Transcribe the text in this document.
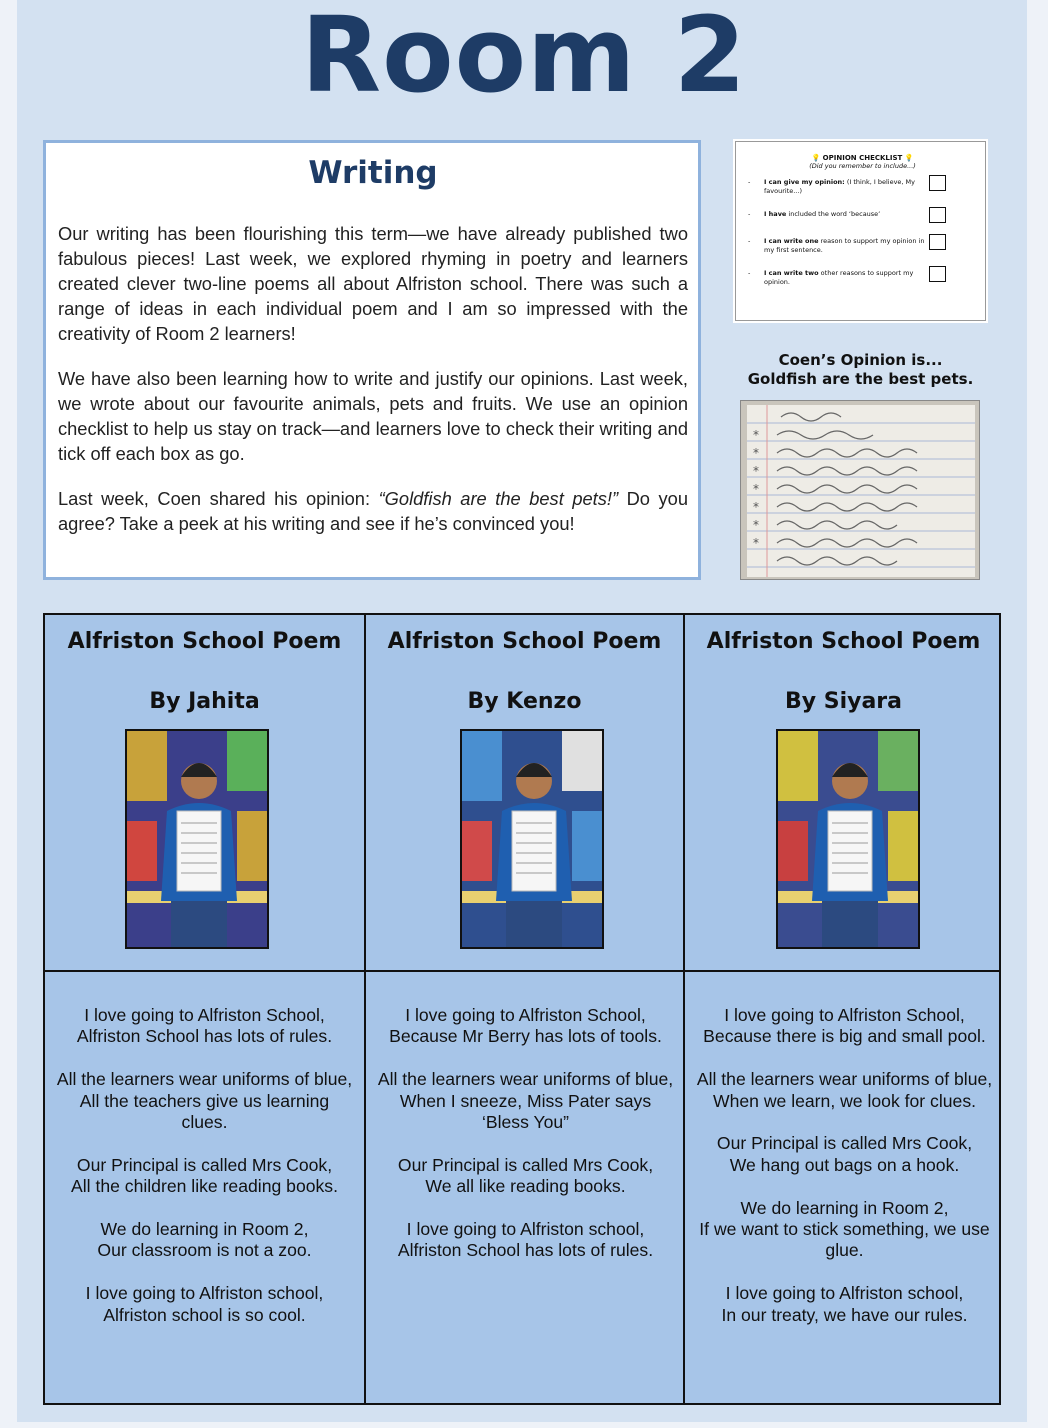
Room 2
Writing

Our writing has been flourishing this term—we have already published two fabulous pieces! Last week, we explored rhyming in poetry and learners created clever two-line poems all about Alfriston school. There was such a range of ideas in each individual poem and I am so impressed with the creativity of Room 2 learners!

We have also been learning how to write and justify our opinions. Last week, we wrote about our favourite animals, pets and fruits. We use an opinion checklist to help us stay on track—and learners love to check their writing and tick off each box as go.

Last week, Coen shared his opinion: “Goldfish are the best pets!” Do you agree? Take a peek at his writing and see if he’s convinced you!

💡 OPINION CHECKLIST 💡
(Did you remember to include...)
-	I can give my opinion: (I think, I believe, My favourite...)
-	I have included the word ‘because’
-	I can write one reason to support my opinion in my first sentence.
-	I can write two other reasons to support my opinion.
Coen’s Opinion is...
Goldfish are the best pets.
*
*
*
*
*
*
*
Alfriston School Poem
By Jahita
I love going to Alfriston School,
Alfriston School has lots of rules.
All the learners wear uniforms of blue,
All the teachers give us learning clues.
Our Principal is called Mrs Cook,
All the children like reading books.
We do learning in Room 2,
Our classroom is not a zoo.
I love going to Alfriston school,
Alfriston school is so cool.
Alfriston School Poem
By Kenzo
I love going to Alfriston School,
Because Mr Berry has lots of tools.
All the learners wear uniforms of blue,
When I sneeze, Miss Pater says ‘Bless You”
Our Principal is called Mrs Cook,
We all like reading books.
I love going to Alfriston school,
Alfriston School has lots of rules.
Alfriston School Poem
By Siyara
I love going to Alfriston School,
Because there is big and small pool.
All the learners wear uniforms of blue,
When we learn, we look for clues.
Our Principal is called Mrs Cook,
We hang out bags on a hook.
We do learning in Room 2,
If we want to stick something, we use glue.
I love going to Alfriston school,
In our treaty, we have our rules.
